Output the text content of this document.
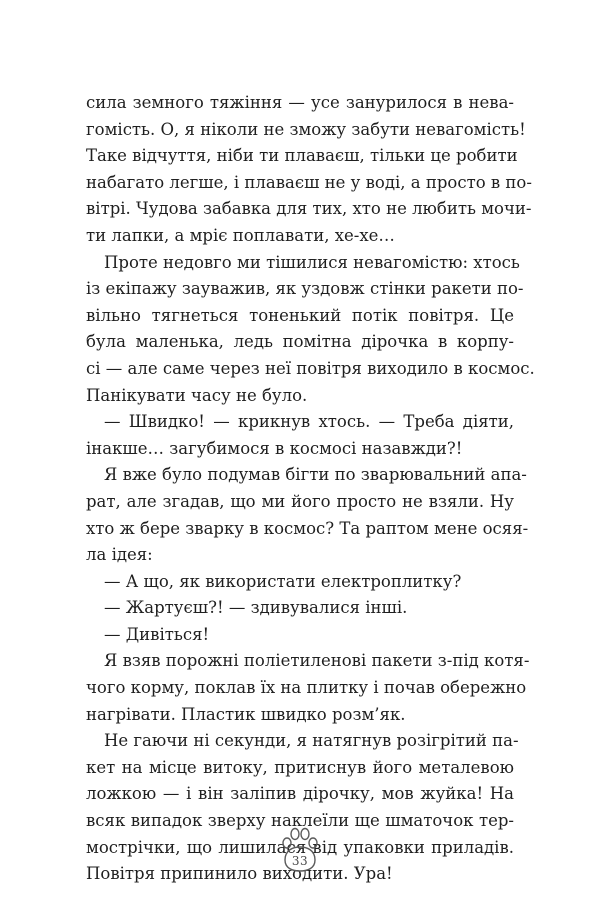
сила земного тяжіння — усе занурилося в нева-
гомість. О, я ніколи не зможу забути невагомість!
Таке відчуття, ніби ти плаваєш, тільки це робити
набагато легше, і плаваєш не у воді, а просто в по-
вітрі. Чудова забавка для тих, хто не любить мочи-
ти лапки, а мріє поплавати, хе-хе…
Проте недовго ми тішилися невагомістю: хтось
із екіпажу зауважив, як уздовж стінки ракети по-
вільно тягнеться тоненький потік повітря. Це
була маленька, ледь помітна дірочка в корпу-
сі — але саме через неї повітря виходило в космос.
Панікувати часу не було.
— Швидко! — крикнув хтось. — Треба діяти,
інакше… загубимося в космосі назавжди?!
Я вже було подумав бігти по зварювальний апа-
рат, але згадав, що ми його просто не взяли. Ну
хто ж бере зварку в космос? Та раптом мене осяя-
ла ідея:
— А що, як використати електроплитку?
— Жартуєш?! — здивувалися інші.
— Дивіться!
Я взяв порожні поліетиленові пакети з-під котя-
чого корму, поклав їх на плитку і почав обережно
нагрівати. Пластик швидко розм’як.
Не гаючи ні секунди, я натягнув розігрітий па-
кет на місце витоку, притиснув його металевою
ложкою — і він заліпив дірочку, мов жуйка! На
всяк випадок зверху наклеїли ще шматочок тер-
мострічки, що лишилася від упаковки приладів.
Повітря припинило виходити. Ура!
33
